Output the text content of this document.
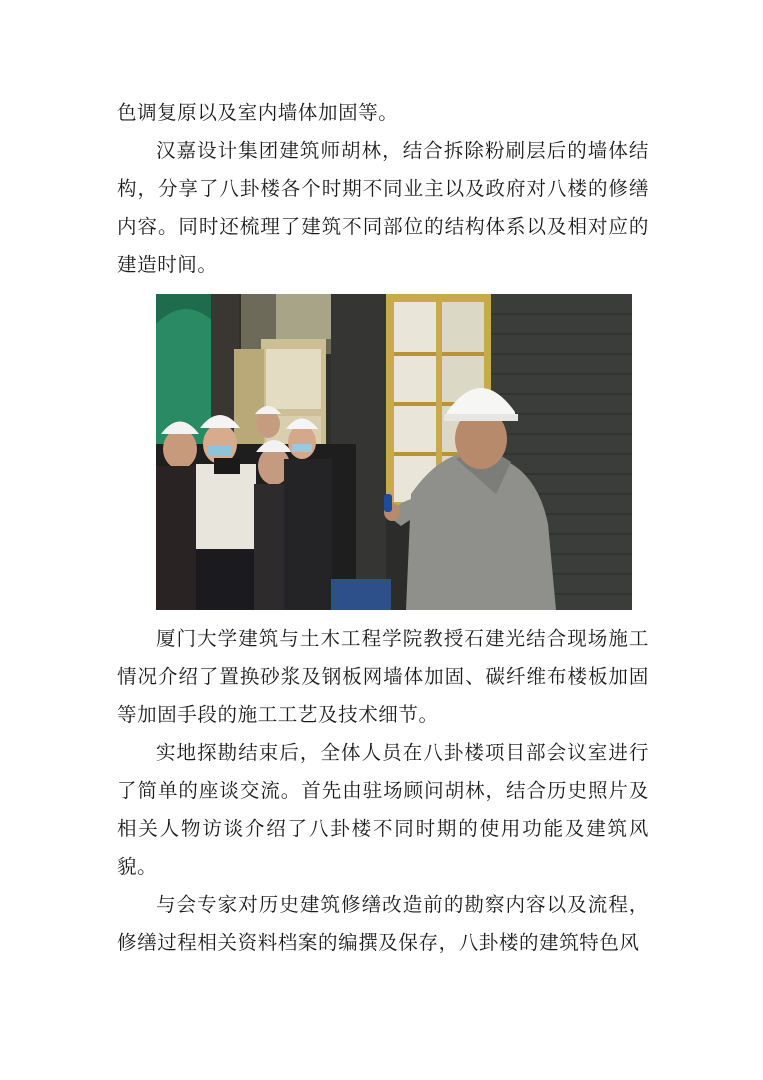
色调复原以及室内墙体加固等。

汉嘉设计集团建筑师胡林，结合拆除粉刷层后的墙体结构，分享了八卦楼各个时期不同业主以及政府对八楼的修缮内容。同时还梳理了建筑不同部位的结构体系以及相对应的建造时间。

厦门大学建筑与土木工程学院教授石建光结合现场施工情况介绍了置换砂浆及钢板网墙体加固、碳纤维布楼板加固等加固手段的施工工艺及技术细节。

实地探勘结束后，全体人员在八卦楼项目部会议室进行了简单的座谈交流。首先由驻场顾问胡林，结合历史照片及相关人物访谈介绍了八卦楼不同时期的使用功能及建筑风貌。

与会专家对历史建筑修缮改造前的勘察内容以及流程，修缮过程相关资料档案的编撰及保存，八卦楼的建筑特色风
